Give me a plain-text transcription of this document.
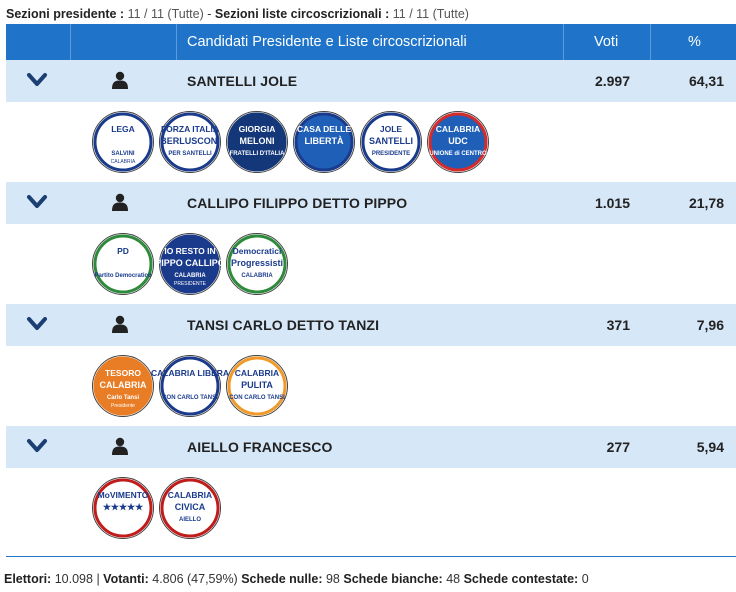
Sezioni presidente : 11 / 11 (Tutte) - Sezioni liste circoscrizionali : 11 / 11 (Tutte)
Candidati Presidente e Liste circoscrizionali	Voti	%
SANTELLI JOLE	2.997	64,31
LEGA
SALVINI
CALABRIA
FORZA ITALIA
BERLUSCONI
PER SANTELLI
GIORGIA
MELONI
FRATELLI D'ITALIA
CASA DELLE
LIBERTÀ
JOLE
SANTELLI
PRESIDENTE
CALABRIA
UDC
UNIONE di CENTRO
CALLIPO FILIPPO DETTO PIPPO	1.015	21,78
PD
Partito Democratico
IO RESTO IN
PIPPO CALLIPO
CALABRIA
PRESIDENTE
Democratici
Progressisti
CALABRIA
TANSI CARLO DETTO TANZI	371	7,96
TESORO
CALABRIA
Carlo Tansi
Presidente
CALABRIA LIBERA
CON CARLO TANSI
CALABRIA
PULITA
CON CARLO TANSI
AIELLO FRANCESCO	277	5,94
MoVIMENTO
★★★★★
CALABRIA
CIVICA
AIELLO
Elettori: 10.098 | Votanti: 4.806 (47,59%) Schede nulle: 98 Schede bianche: 48 Schede contestate: 0
